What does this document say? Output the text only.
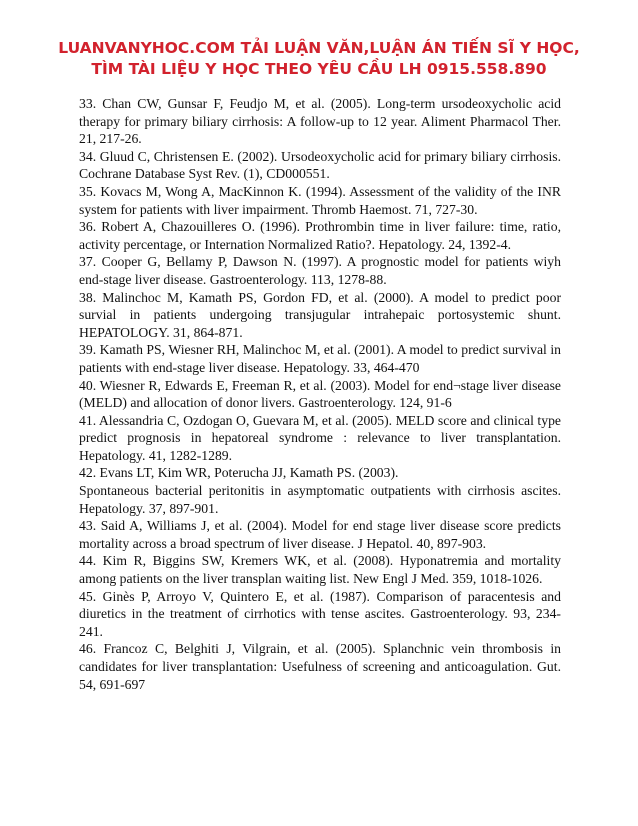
LUANVANYHOC.COM TẢI LUẬN VĂN,LUẬN ÁN TIẾN SĨ Y HỌC,
TÌM TÀI LIỆU Y HỌC THEO YÊU CẦU LH 0915.558.890

33. Chan CW, Gunsar F, Feudjo M, et al. (2005). Long-term ursodeoxycholic acid therapy for primary biliary cirrhosis: A follow-up to 12 year. Aliment Pharmacol Ther. 21, 217-26.

34. Gluud C, Christensen E. (2002). Ursodeoxycholic acid for primary biliary cirrhosis. Cochrane Database Syst Rev. (1), CD000551.

35. Kovacs M, Wong A, MacKinnon K. (1994). Assessment of the validity of the INR system for patients with liver impairment. Thromb Haemost. 71, 727-30.

36. Robert A, Chazouilleres O. (1996). Prothrombin time in liver failure: time, ratio, activity percentage, or Internation Normalized Ratio?. Hepatology. 24, 1392-4.

37. Cooper G, Bellamy P, Dawson N. (1997). A prognostic model for patients wiyh end-stage liver disease. Gastroenterology. 113, 1278-88.

38. Malinchoc M, Kamath PS, Gordon FD, et al. (2000). A model to predict poor survial in patients undergoing transjugular intrahepaic portosystemic shunt. HEPATOLOGY. 31, 864-871.

39. Kamath PS, Wiesner RH, Malinchoc M, et al. (2001). A model to predict survival in patients with end-stage liver disease. Hepatology. 33, 464-470

40. Wiesner R, Edwards E, Freeman R, et al. (2003). Model for end¬stage liver disease (MELD) and allocation of donor livers. Gastroenterology. 124, 91-6

41. Alessandria C, Ozdogan O, Guevara M, et al. (2005). MELD score and clinical type predict prognosis in hepatoreal syndrome : relevance to liver transplantation. Hepatology. 41, 1282-1289.

42. Evans LT, Kim WR, Poterucha JJ, Kamath PS. (2003).

Spontaneous bacterial peritonitis in asymptomatic outpatients with cirrhosis ascites. Hepatology. 37, 897-901.

43. Said A, Williams J, et al. (2004). Model for end stage liver disease score predicts mortality across a broad spectrum of liver disease. J Hepatol. 40, 897-903.

44. Kim R, Biggins SW, Kremers WK, et al. (2008). Hyponatremia and mortality among patients on the liver transplan waiting list. New Engl J Med. 359, 1018-1026.

45. Ginès P, Arroyo V, Quintero E, et al. (1987). Comparison of paracentesis and diuretics in the treatment of cirrhotics with tense ascites. Gastroenterology. 93, 234-241.

46. Francoz C, Belghiti J, Vilgrain, et al. (2005). Splanchnic vein thrombosis in candidates for liver transplantation: Usefulness of screening and anticoagulation. Gut. 54, 691-697
